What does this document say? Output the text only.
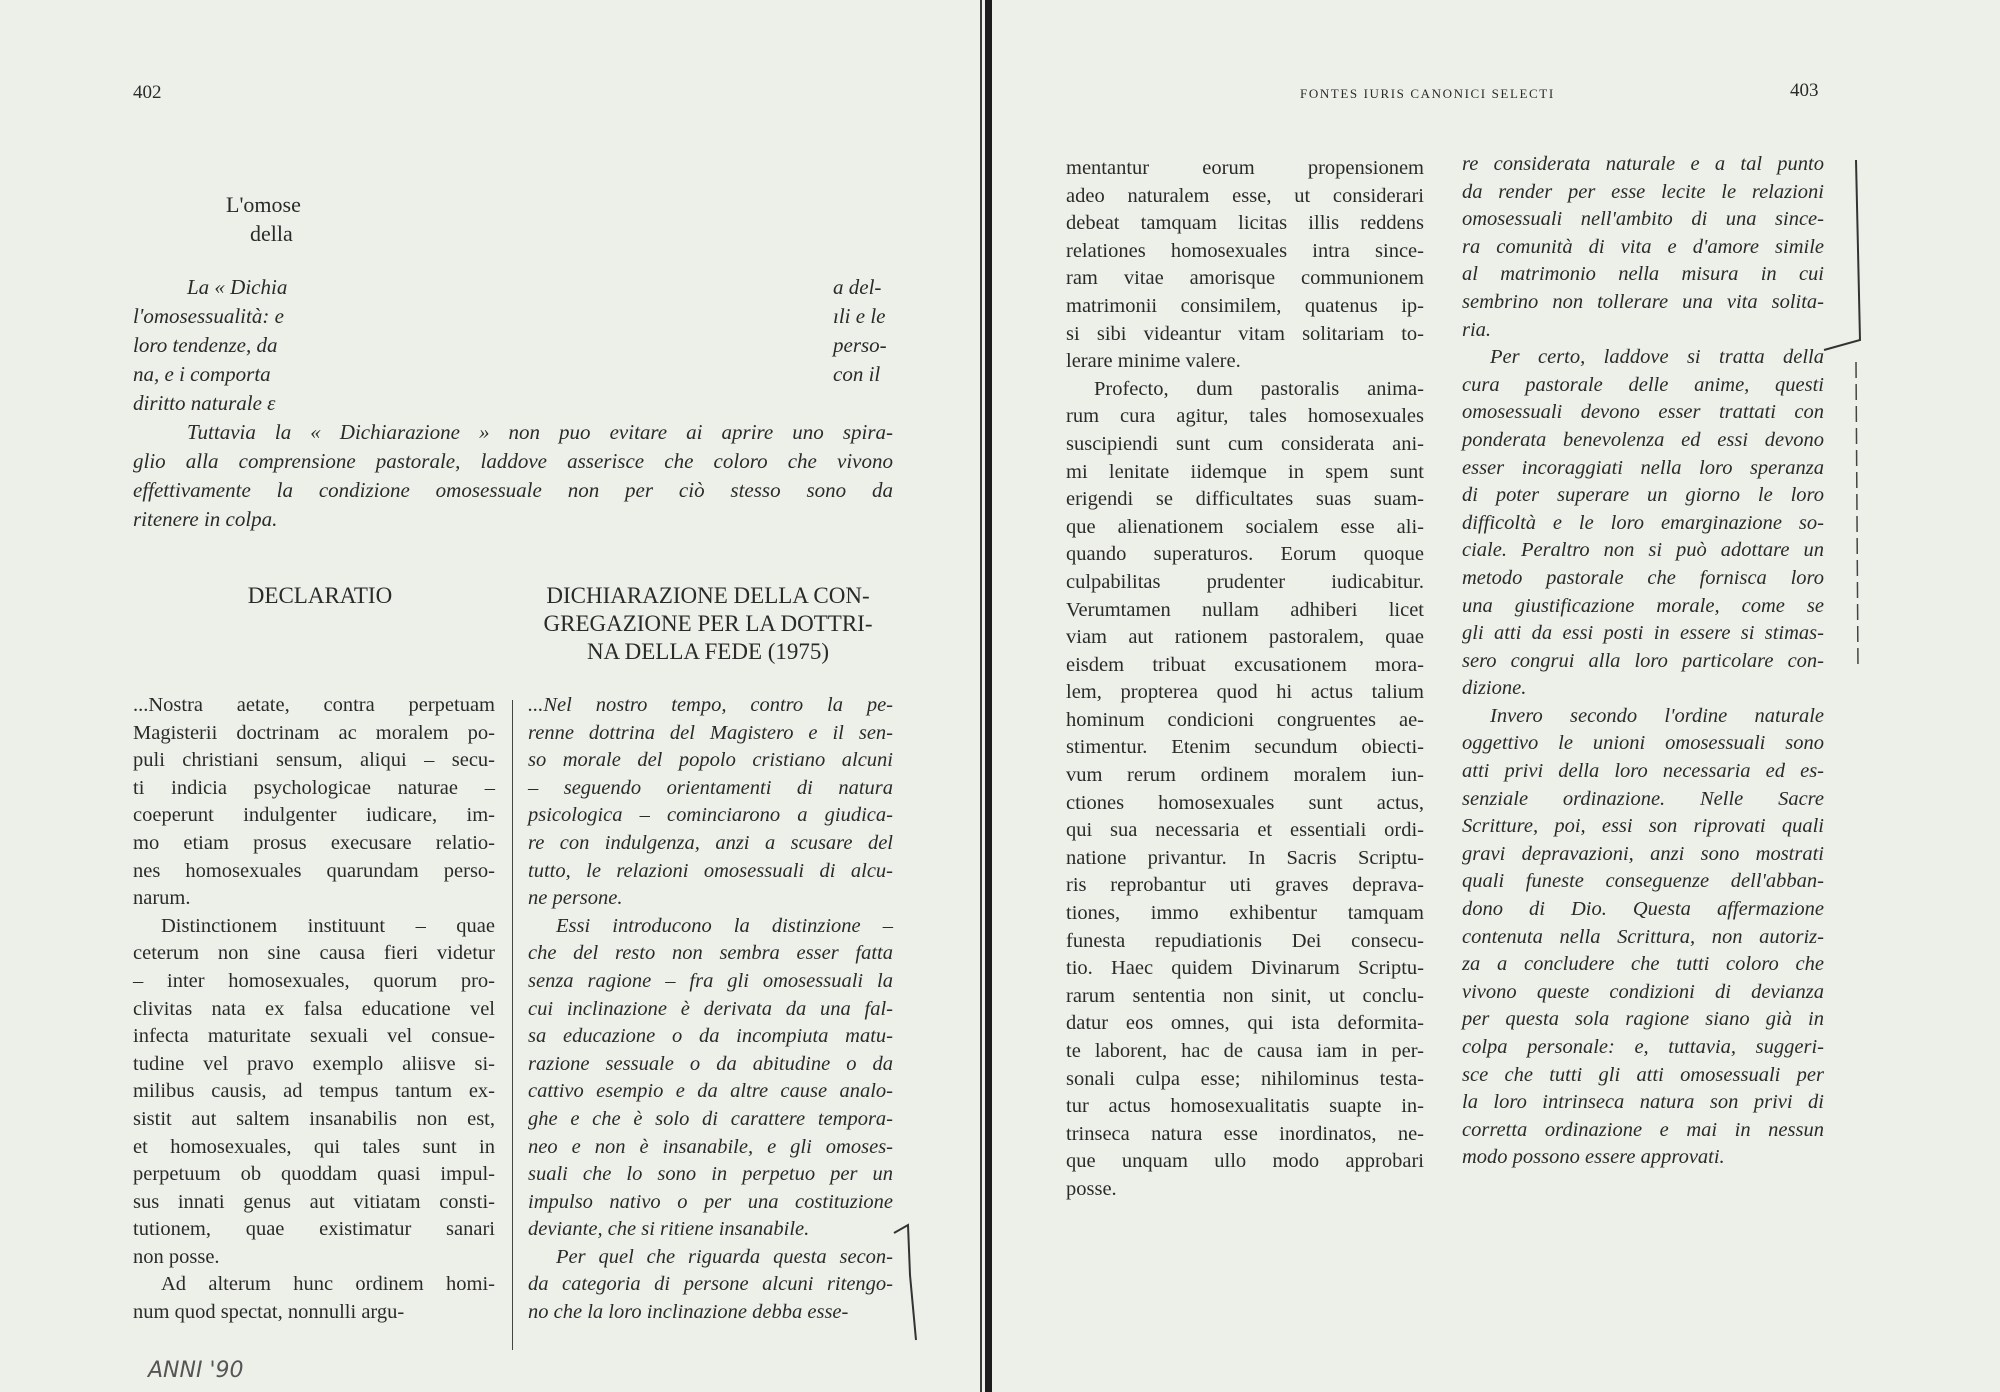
402
L'omose
della
La « Dichia	a del-
l'omosessualità: e	ıli e le
loro tendenze, da	perso-
na, e i comporta	con il
diritto naturale ε
Tuttavia la « Dichiarazione » non puo evitare ai aprire uno spira-
glio alla comprensione pastorale, laddove asserisce che coloro che vivono
effettivamente la condizione omosessuale non per ciò stesso sono da
ritenere in colpa.
DECLARATIO	DICHIARAZIONE DELLA CON-
GREGAZIONE PER LA DOTTRI-
NA DELLA FEDE (1975)
...Nostra aetate, contra perpetuam
Magisterii doctrinam ac moralem po-
puli christiani sensum, aliqui – secu-
ti indicia psychologicae naturae –
coeperunt indulgenter iudicare, im-
mo etiam prosus execusare relatio-
nes homosexuales quarundam perso-
narum.
Distinctionem instituunt – quae
ceterum non sine causa fieri videtur
– inter homosexuales, quorum pro-
clivitas nata ex falsa educatione vel
infecta maturitate sexuali vel consue-
tudine vel pravo exemplo aliisve si-
milibus causis, ad tempus tantum ex-
sistit aut saltem insanabilis non est,
et homosexuales, qui tales sunt in
perpetuum ob quoddam quasi impul-
sus innati genus aut vitiatam consti-
tutionem, quae existimatur sanari
non posse.
Ad alterum hunc ordinem homi-
num quod spectat, nonnulli argu-
...Nel nostro tempo, contro la pe-
renne dottrina del Magistero e il sen-
so morale del popolo cristiano alcuni
– seguendo orientamenti di natura
psicologica – cominciarono a giudica-
re con indulgenza, anzi a scusare del
tutto, le relazioni omosessuali di alcu-
ne persone.
Essi introducono la distinzione –
che del resto non sembra esser fatta
senza ragione – fra gli omosessuali la
cui inclinazione è derivata da una fal-
sa educazione o da incompiuta matu-
razione sessuale o da abitudine o da
cattivo esempio e da altre cause analo-
ghe e che è solo di carattere tempora-
neo e non è insanabile, e gli omoses-
suali che lo sono in perpetuo per un
impulso nativo o per una costituzione
deviante, che si ritiene insanabile.
Per quel che riguarda questa secon-
da categoria di persone alcuni ritengo-
no che la loro inclinazione debba esse-
ANNI '90
FONTES IURIS CANONICI SELECTI	403
mentantur eorum propensionem
adeo naturalem esse, ut considerari
debeat tamquam licitas illis reddens
relationes homosexuales intra since-
ram vitae amorisque communionem
matrimonii consimilem, quatenus ip-
si sibi videantur vitam solitariam to-
lerare minime valere.
Profecto, dum pastoralis anima-
rum cura agitur, tales homosexuales
suscipiendi sunt cum considerata ani-
mi lenitate iidemque in spem sunt
erigendi se difficultates suas suam-
que alienationem socialem esse ali-
quando superaturos. Eorum quoque
culpabilitas prudenter iudicabitur.
Verumtamen nullam adhiberi licet
viam aut rationem pastoralem, quae
eisdem tribuat excusationem mora-
lem, propterea quod hi actus talium
hominum condicioni congruentes ae-
stimentur. Etenim secundum obiecti-
vum rerum ordinem moralem iun-
ctiones homosexuales sunt actus,
qui sua necessaria et essentiali ordi-
natione privantur. In Sacris Scriptu-
ris reprobantur uti graves deprava-
tiones, immo exhibentur tamquam
funesta repudiationis Dei consecu-
tio. Haec quidem Divinarum Scriptu-
rarum sententia non sinit, ut conclu-
datur eos omnes, qui ista deformita-
te laborent, hac de causa iam in per-
sonali culpa esse; nihilominus testa-
tur actus homosexualitatis suapte in-
trinseca natura esse inordinatos, ne-
que unquam ullo modo approbari
posse.
re considerata naturale e a tal punto
da render per esse lecite le relazioni
omosessuali nell'ambito di una since-
ra comunità di vita e d'amore simile
al matrimonio nella misura in cui
sembrino non tollerare una vita solita-
ria.
Per certo, laddove si tratta della
cura pastorale delle anime, questi
omosessuali devono esser trattati con
ponderata benevolenza ed essi devono
esser incoraggiati nella loro speranza
di poter superare un giorno le loro
difficoltà e le loro emarginazione so-
ciale. Peraltro non si può adottare un
metodo pastorale che fornisca loro
una giustificazione morale, come se
gli atti da essi posti in essere si stimas-
sero congrui alla loro particolare con-
dizione.
Invero secondo l'ordine naturale
oggettivo le unioni omosessuali sono
atti privi della loro necessaria ed es-
senziale ordinazione. Nelle Sacre
Scritture, poi, essi son riprovati quali
gravi depravazioni, anzi sono mostrati
quali funeste conseguenze dell'abban-
dono di Dio. Questa affermazione
contenuta nella Scrittura, non autoriz-
za a concludere che tutti coloro che
vivono queste condizioni di devianza
per questa sola ragione siano già in
colpa personale: e, tuttavia, suggeri-
sce che tutti gli atti omosessuali per
la loro intrinseca natura son privi di
corretta ordinazione e mai in nessun
modo possono essere approvati.
